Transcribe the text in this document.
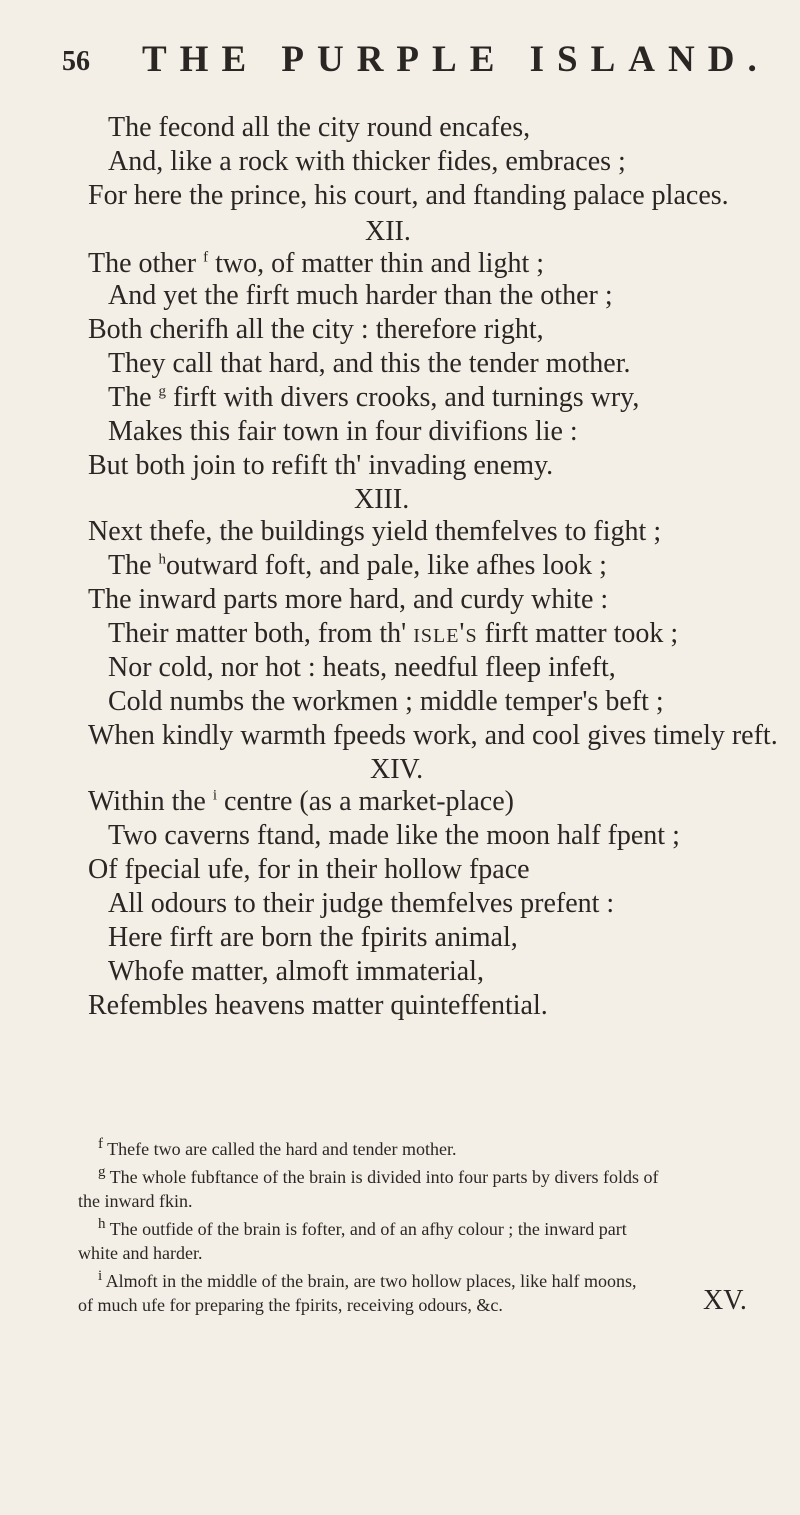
56 THE PURPLE ISLAND.
The fecond all the city round encafes,
And, like a rock with thicker fides, embraces ;
For here the prince, his court, and ftanding palace places.
XII.
The other $^f$ two, of matter thin and light ;
And yet the firft much harder than the other ;
Both cherifh all the city : therefore right,
They call that hard, and this the tender mother.
The $^g$ firft with divers crooks, and turnings wry,
Makes this fair town in four divifions lie :
But both join to refift th' invading enemy.
XIII.
Next thefe, the buildings yield themfelves to fight ;
The $^h$outward foft, and pale, like afhes look ;
The inward parts more hard, and curdy white :
Their matter both, from th' isle's firft matter took ;
Nor cold, nor hot : heats, needful fleep infeft,
Cold numbs the workmen ; middle temper's beft ;
When kindly warmth fpeeds work, and cool gives timely reft.
XIV.
Within the $^i$ centre (as a market-place)
Two caverns ftand, made like the moon half fpent ;
Of fpecial ufe, for in their hollow fpace
All odours to their judge themfelves prefent :
Here firft are born the fpirits animal,
Whofe matter, almoft immaterial,
Refembles heavens matter quinteffential.
$^f$ Thefe two are called the hard and tender mother.
$^g$ The whole fubftance of the brain is divided into four parts by divers folds of
the inward fkin.
$^h$ The outfide of the brain is fofter, and of an afhy colour ; the inward part
white and harder.
$^i$ Almoft in the middle of the brain, are two hollow places, like half moons,
of much ufe for preparing the fpirits, receiving odours, &c.	XV.
